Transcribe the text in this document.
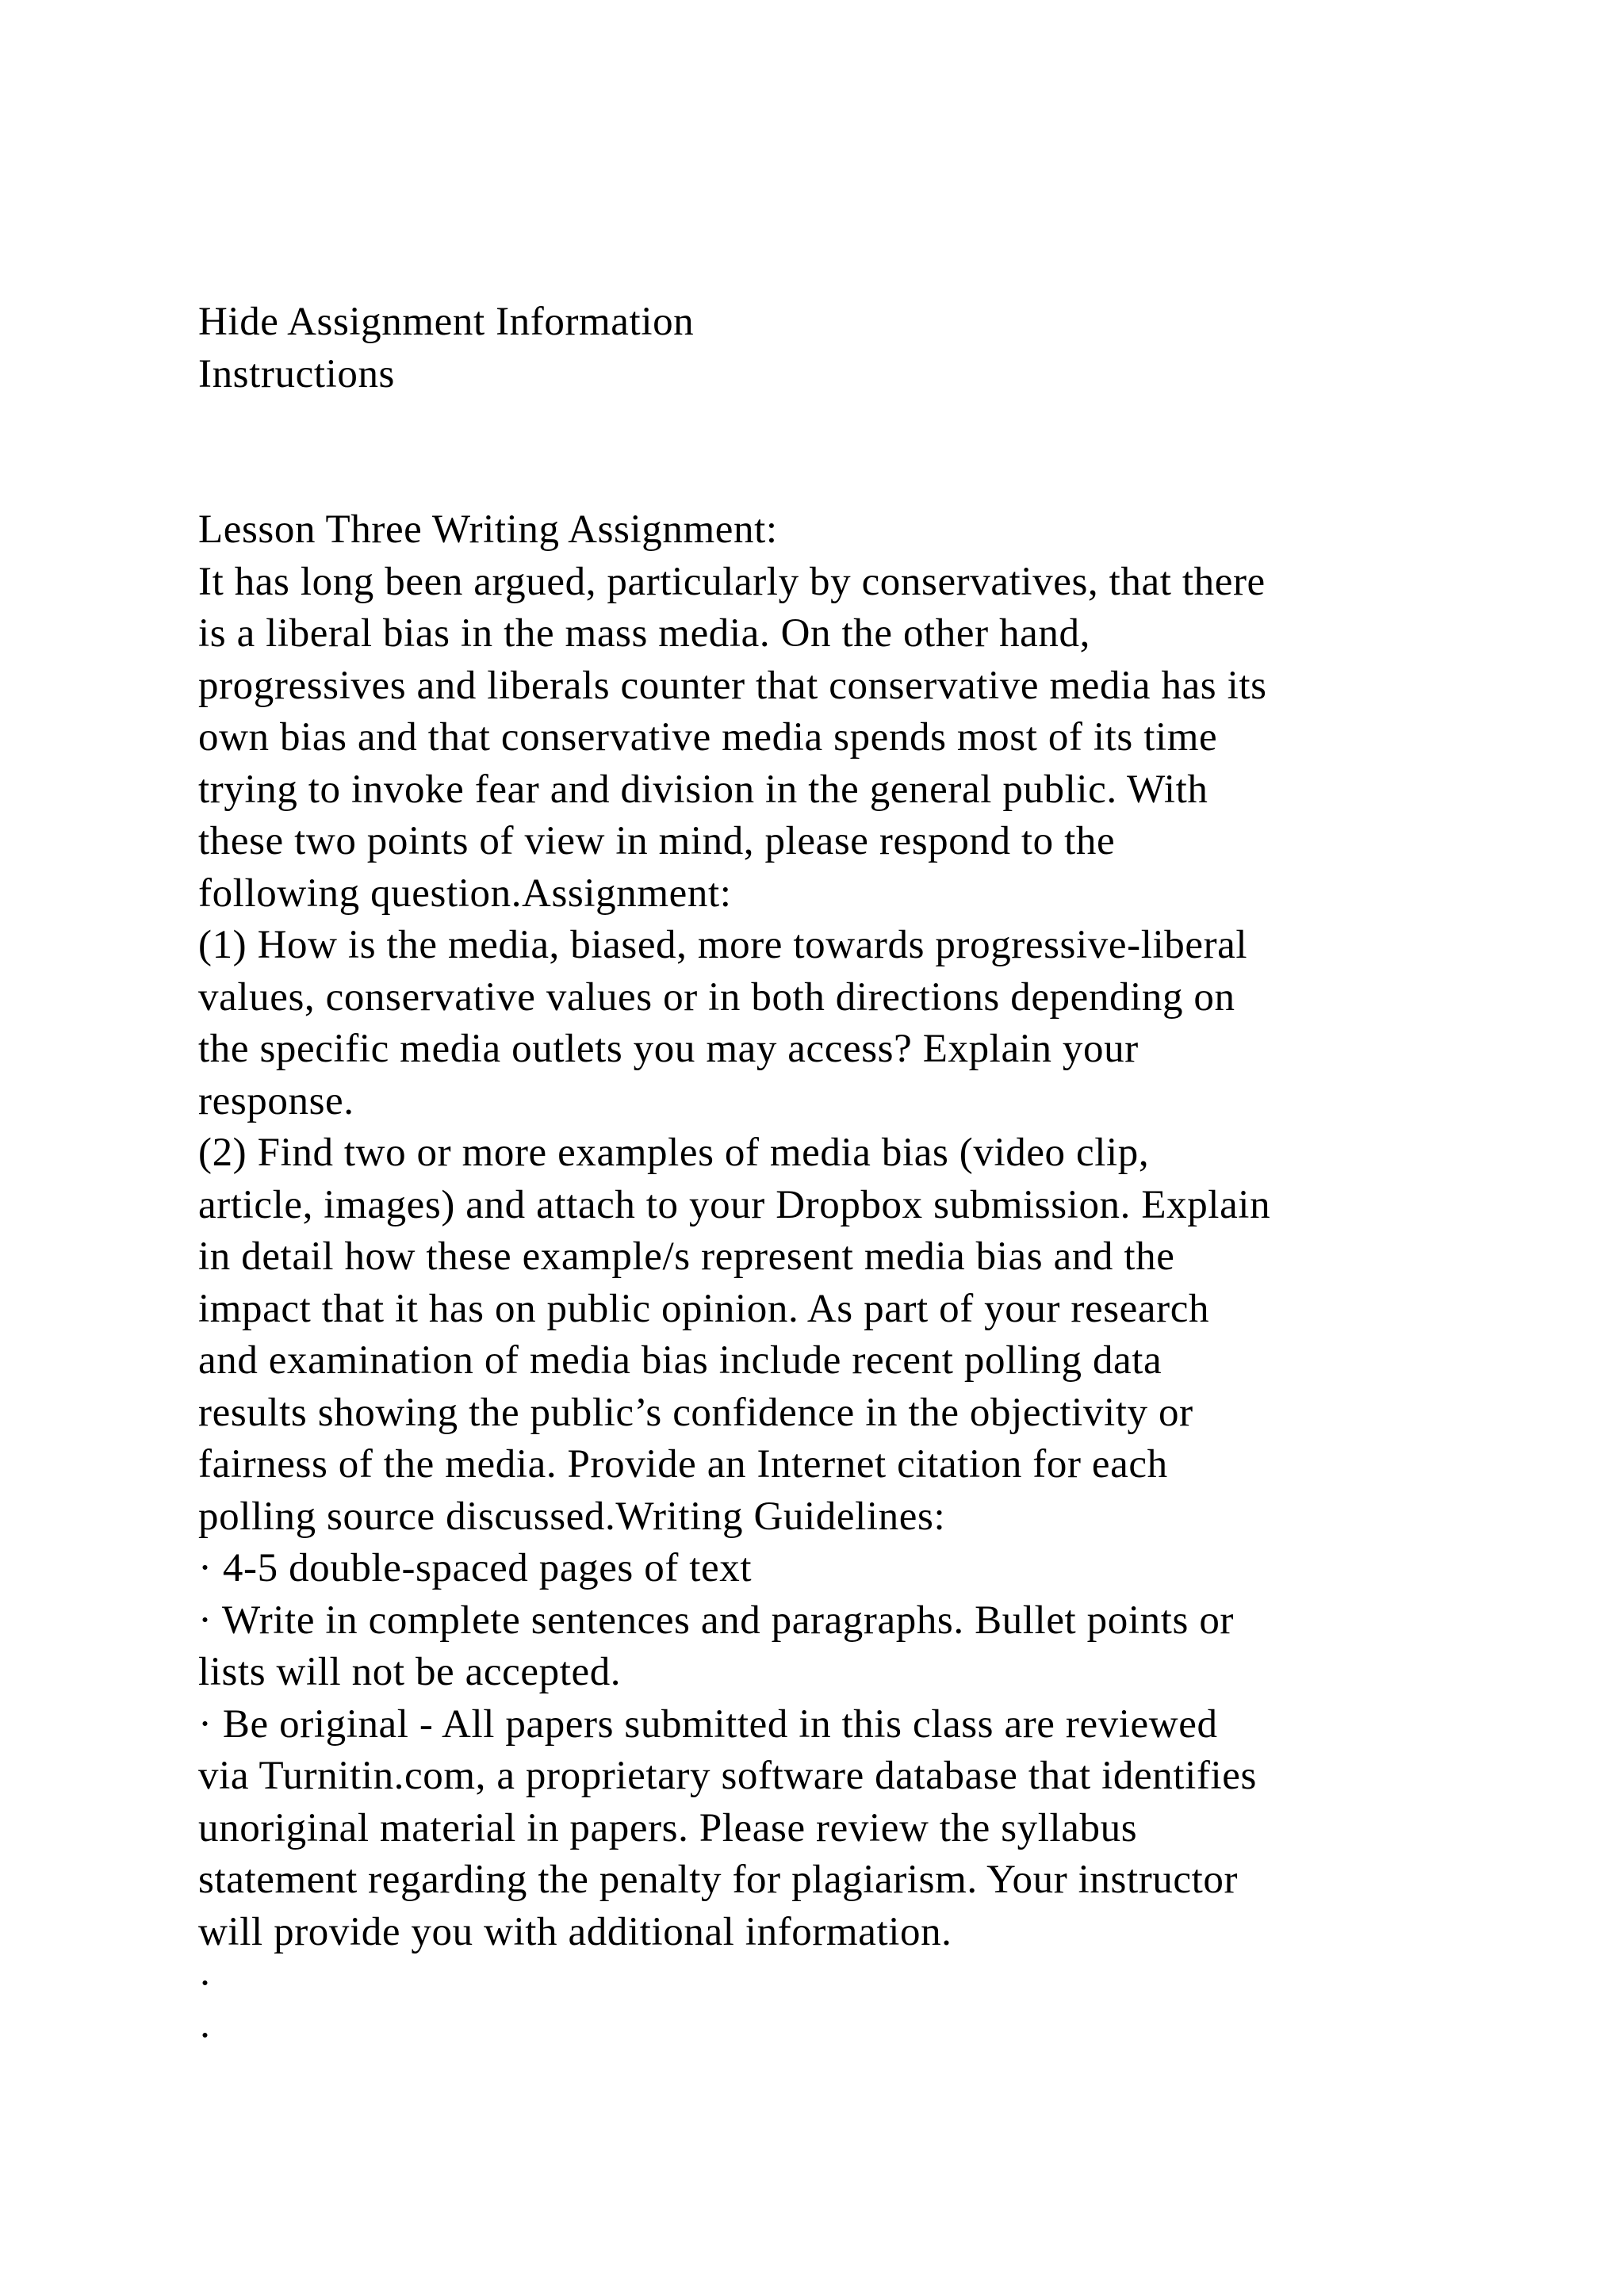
Hide Assignment Information
Instructions
Lesson Three Writing Assignment:
It has long been argued, particularly by conservatives, that there
is a liberal bias in the mass media. On the other hand,
progressives and liberals counter that conservative media has its
own bias and that conservative media spends most of its time
trying to invoke fear and division in the general public. With
these two points of view in mind, please respond to the
following question.Assignment:
(1) How is the media, biased, more towards progressive-liberal
values, conservative values or in both directions depending on
the specific media outlets you may access? Explain your
response.
(2) Find two or more examples of media bias (video clip,
article, images) and attach to your Dropbox submission. Explain
in detail how these example/s represent media bias and the
impact that it has on public opinion. As part of your research
and examination of media bias include recent polling data
results showing the public’s confidence in the objectivity or
fairness of the media. Provide an Internet citation for each
polling source discussed.Writing Guidelines:
· 4-5 double-spaced pages of text
· Write in complete sentences and paragraphs. Bullet points or
lists will not be accepted.
· Be original - All papers submitted in this class are reviewed
via Turnitin.com, a proprietary software database that identifies
unoriginal material in papers. Please review the syllabus
statement regarding the penalty for plagiarism. Your instructor
will provide you with additional information.
·
·
